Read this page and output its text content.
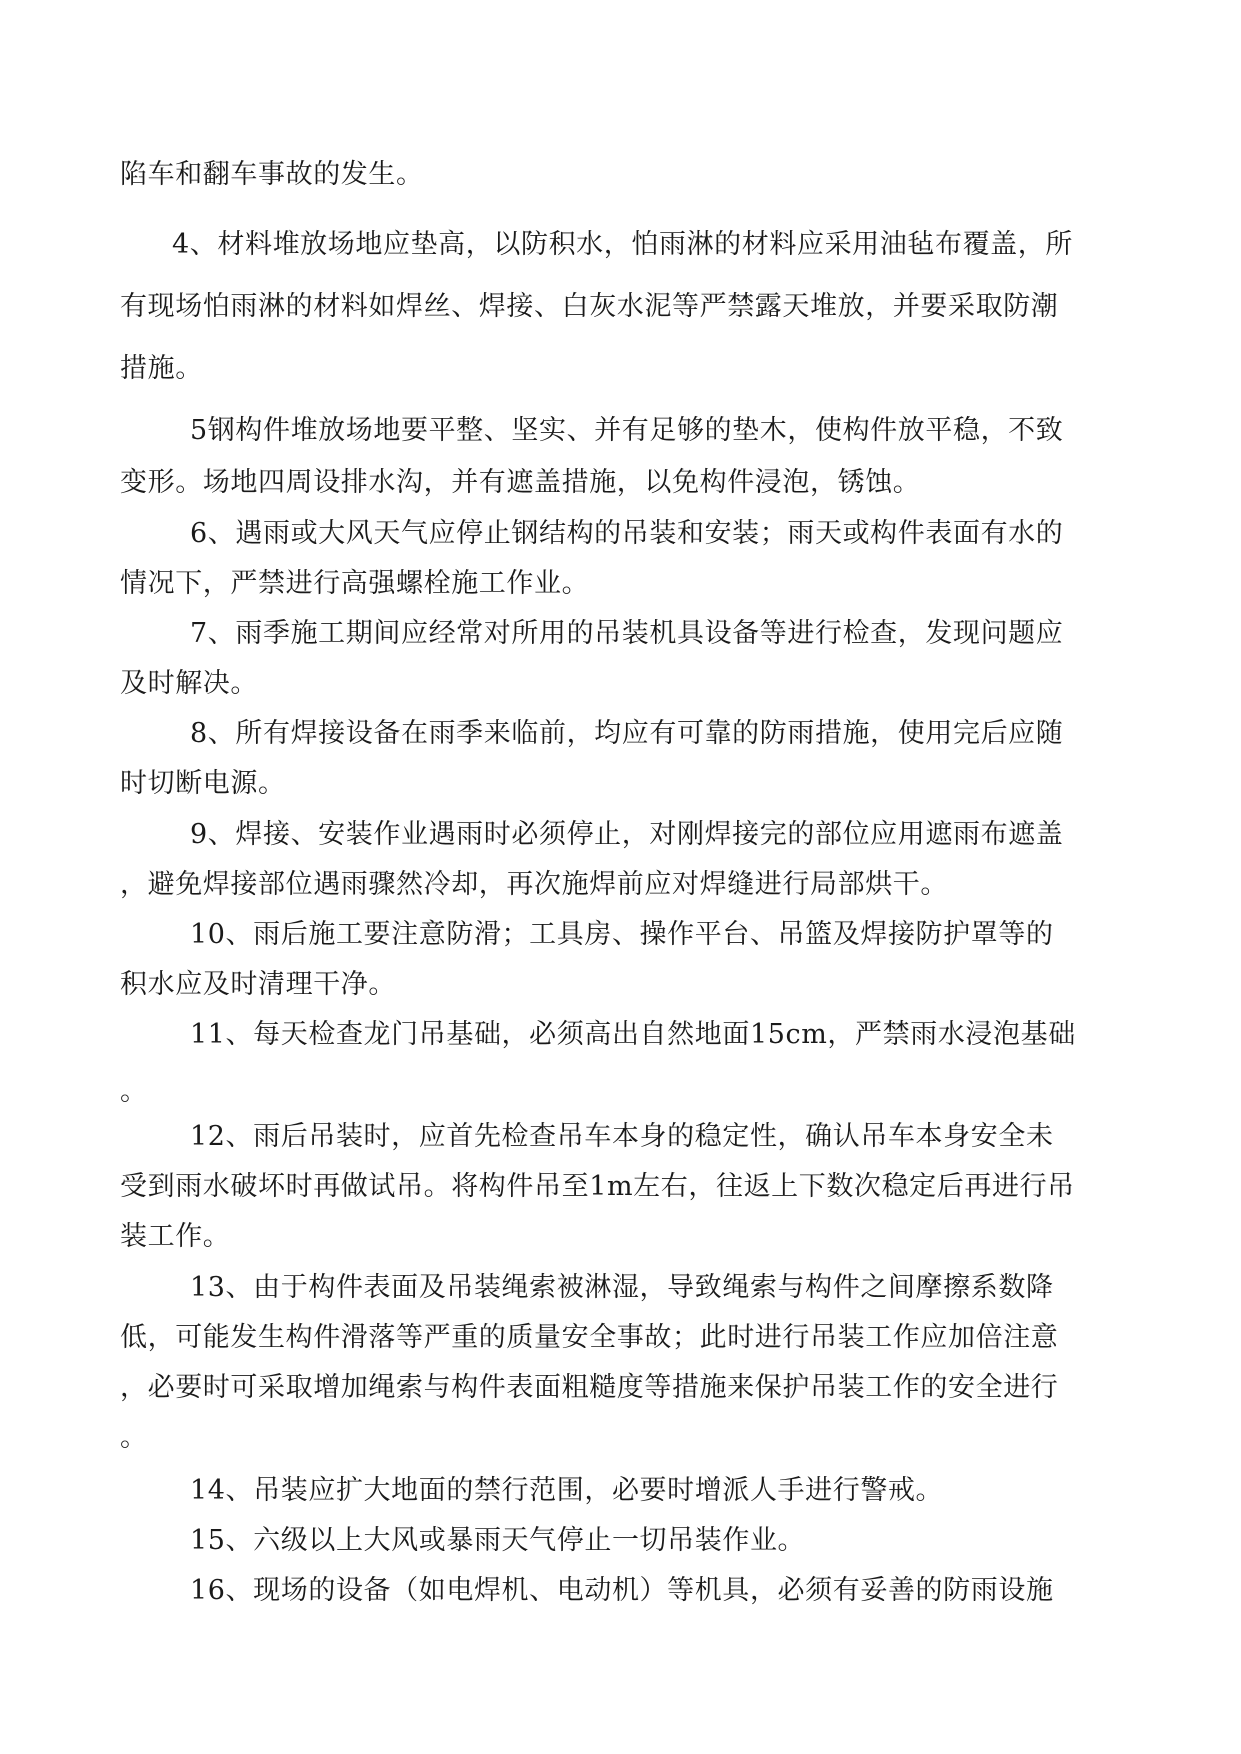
陷车和翻车事故的发生。
4、材料堆放场地应垫高，以防积水，怕雨淋的材料应采用油毡布覆盖，所
有现场怕雨淋的材料如焊丝、焊接、白灰水泥等严禁露天堆放，并要采取防潮
措施。
5钢构件堆放场地要平整、坚实、并有足够的垫木，使构件放平稳，不致
变形。场地四周设排水沟，并有遮盖措施，以免构件浸泡，锈蚀。
6、遇雨或大风天气应停止钢结构的吊装和安装；雨天或构件表面有水的
情况下，严禁进行高强螺栓施工作业。
7、雨季施工期间应经常对所用的吊装机具设备等进行检查，发现问题应
及时解决。
8、所有焊接设备在雨季来临前，均应有可靠的防雨措施，使用完后应随
时切断电源。
9、焊接、安装作业遇雨时必须停止，对刚焊接完的部位应用遮雨布遮盖
，避免焊接部位遇雨骤然冷却，再次施焊前应对焊缝进行局部烘干。
10、雨后施工要注意防滑；工具房、操作平台、吊篮及焊接防护罩等的
积水应及时清理干净。
11、每天检查龙门吊基础，必须高出自然地面15cm，严禁雨水浸泡基础
。
12、雨后吊装时，应首先检查吊车本身的稳定性，确认吊车本身安全未
受到雨水破坏时再做试吊。将构件吊至1m左右，往返上下数次稳定后再进行吊
装工作。
13、由于构件表面及吊装绳索被淋湿，导致绳索与构件之间摩擦系数降
低，可能发生构件滑落等严重的质量安全事故；此时进行吊装工作应加倍注意
，必要时可采取增加绳索与构件表面粗糙度等措施来保护吊装工作的安全进行
。
14、吊装应扩大地面的禁行范围，必要时增派人手进行警戒。
15、六级以上大风或暴雨天气停止一切吊装作业。
16、现场的设备（如电焊机、电动机）等机具，必须有妥善的防雨设施
